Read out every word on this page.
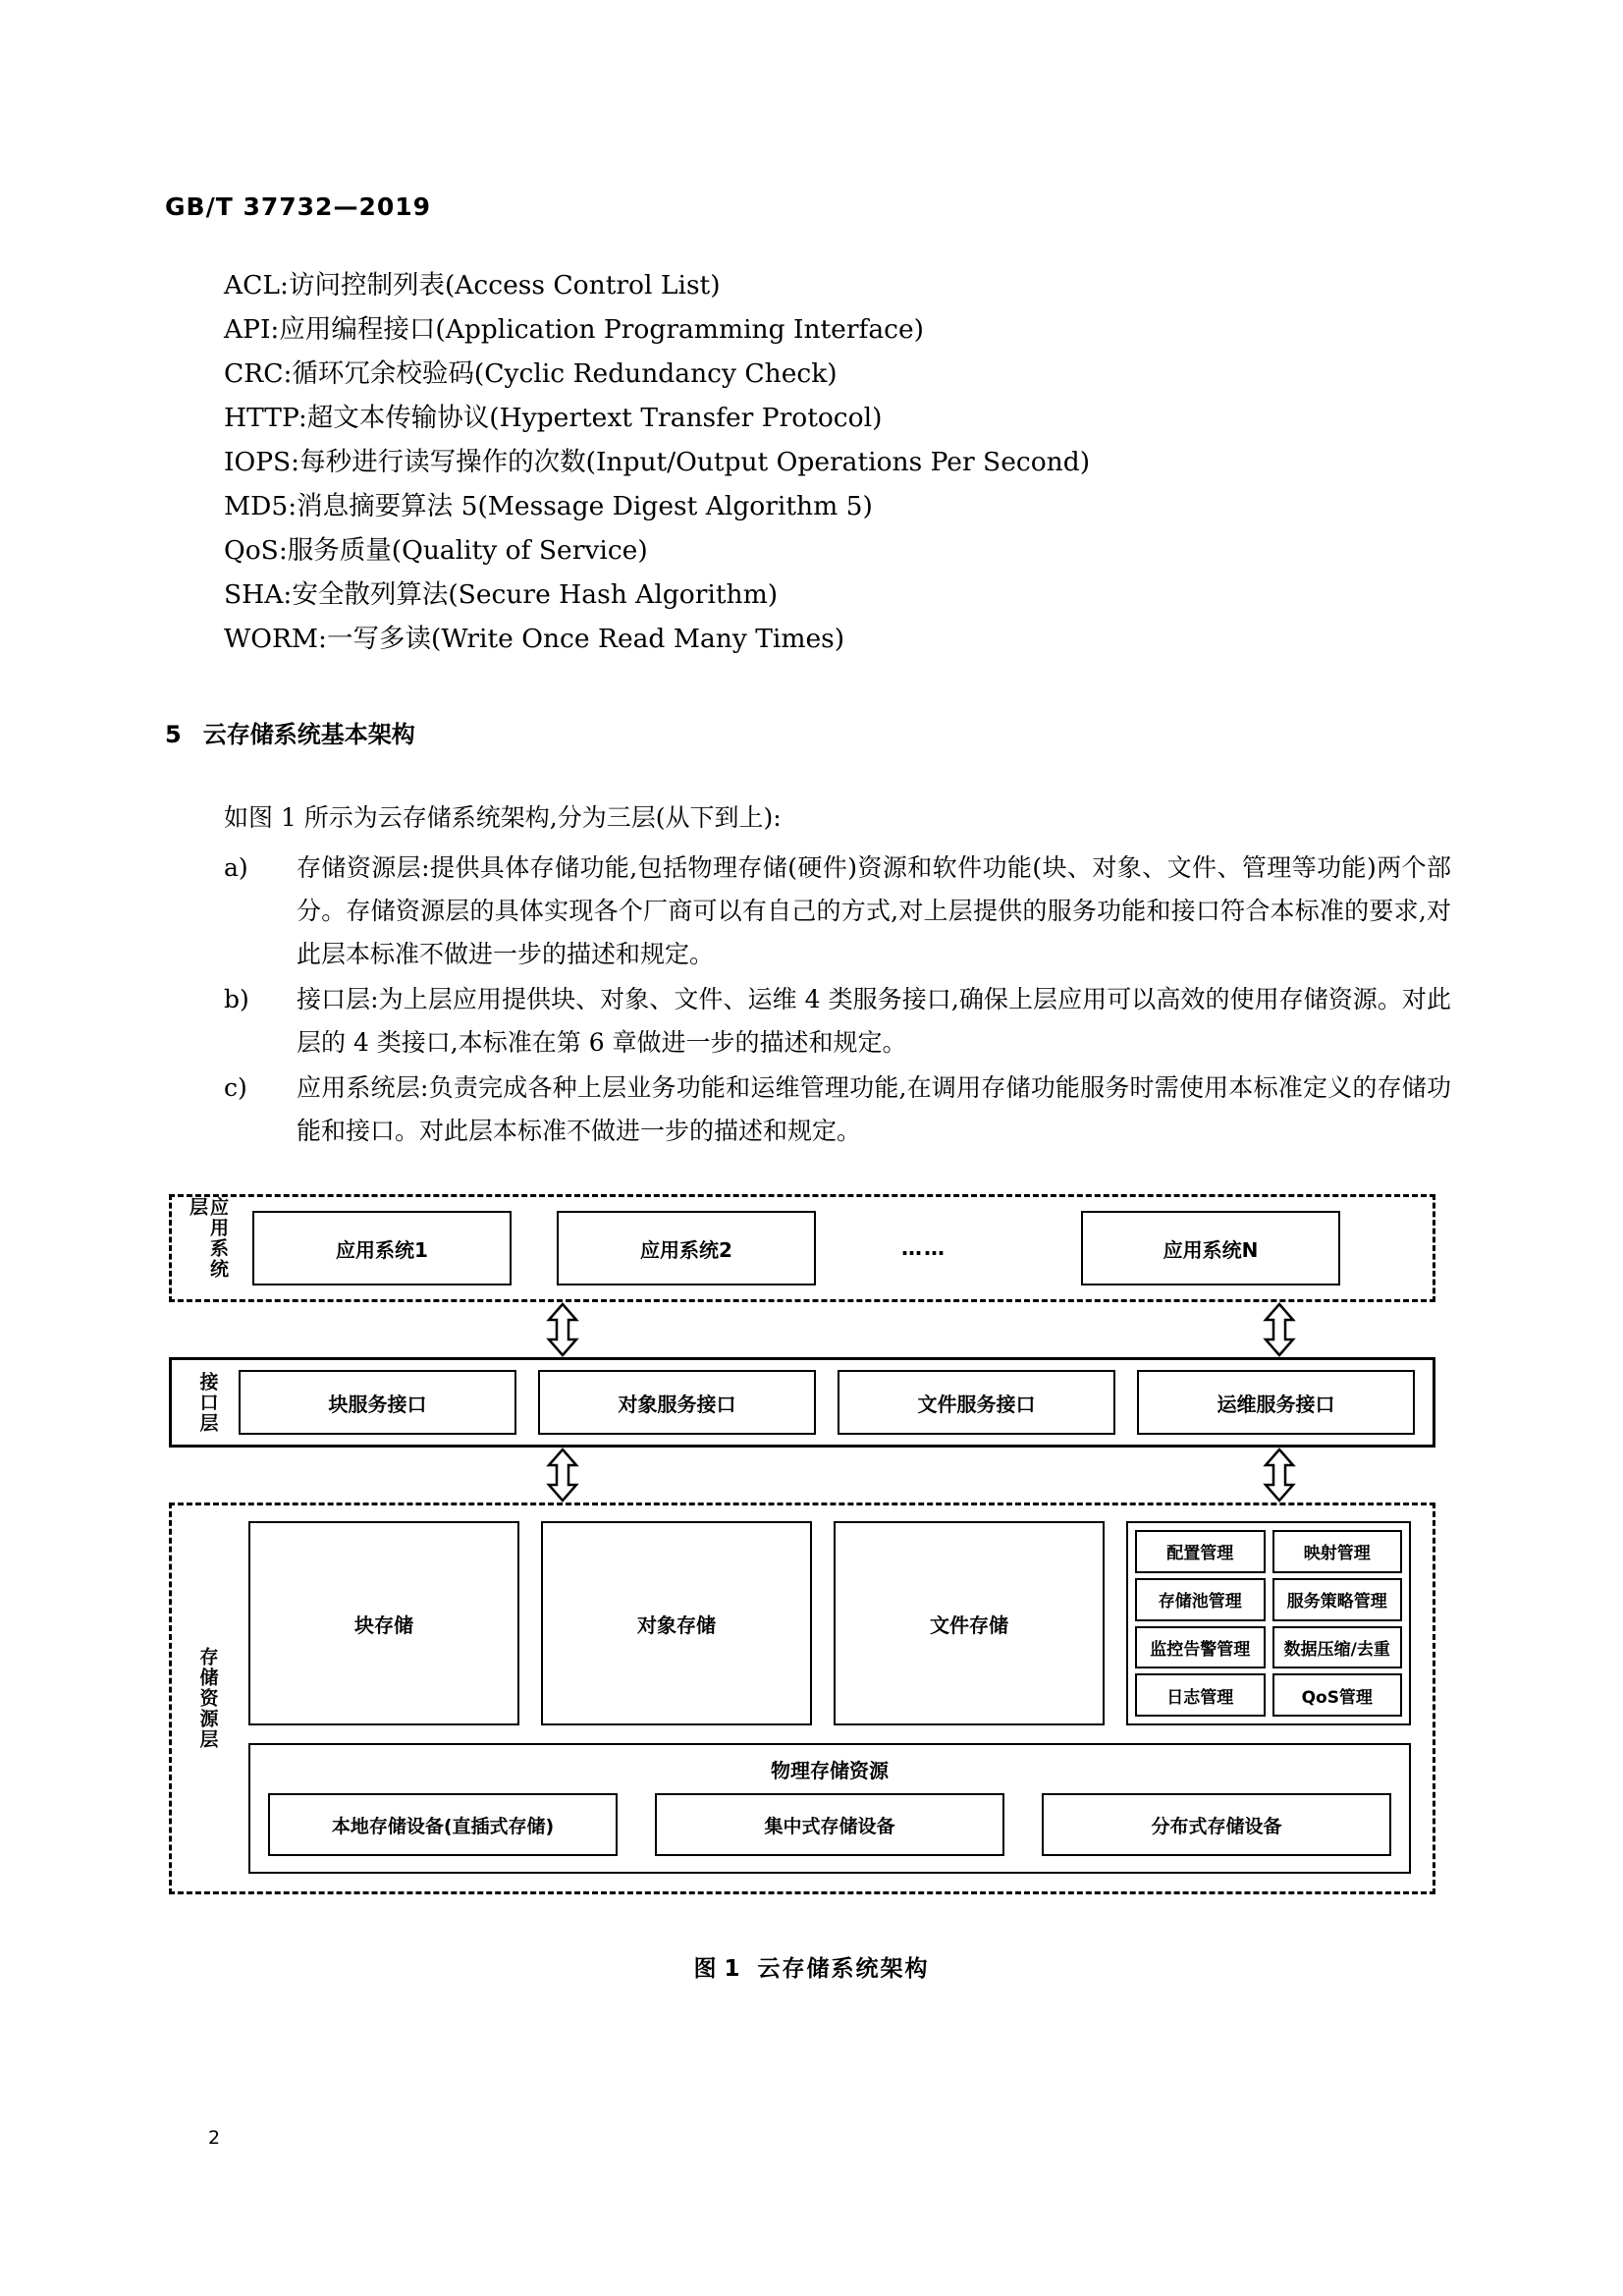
GB/T 37732—2019
ACL:访问控制列表(Access Control List)
API:应用编程接口(Application Programming Interface)
CRC:循环冗余校验码(Cyclic Redundancy Check)
HTTP:超文本传输协议(Hypertext Transfer Protocol)
IOPS:每秒进行读写操作的次数(Input/Output Operations Per Second)
MD5:消息摘要算法 5(Message Digest Algorithm 5)
QoS:服务质量(Quality of Service)
SHA:安全散列算法(Secure Hash Algorithm)
WORM:一写多读(Write Once Read Many Times)
5 云存储系统基本架构
如图 1 所示为云存储系统架构,分为三层(从下到上):
a)	存储资源层:提供具体存储功能,包括物理存储(硬件)资源和软件功能(块、对象、文件、管理等功能)两个部分。存储资源层的具体实现各个厂商可以有自己的方式,对上层提供的服务功能和接口符合本标准的要求,对此层本标准不做进一步的描述和规定。
b)	接口层:为上层应用提供块、对象、文件、运维 4 类服务接口,确保上层应用可以高效的使用存储资源。对此层的 4 类接口,本标准在第 6 章做进一步的描述和规定。
c)	应用系统层:负责完成各种上层业务功能和运维管理功能,在调用存储功能服务时需使用本标准定义的存储功能和接口。对此层本标准不做进一步的描述和规定。
应用系统层
应用系统1	应用系统2	……	应用系统N
接口层	块服务接口	对象服务接口	文件服务接口	运维服务接口
存储资源层
块存储	对象存储	文件存储
配置管理	映射管理
存储池管理	服务策略管理
监控告警管理	数据压缩/去重
日志管理	QoS管理
物理存储资源
本地存储设备(直插式存储)	集中式存储设备	分布式存储设备
图 1 云存储系统架构
2
